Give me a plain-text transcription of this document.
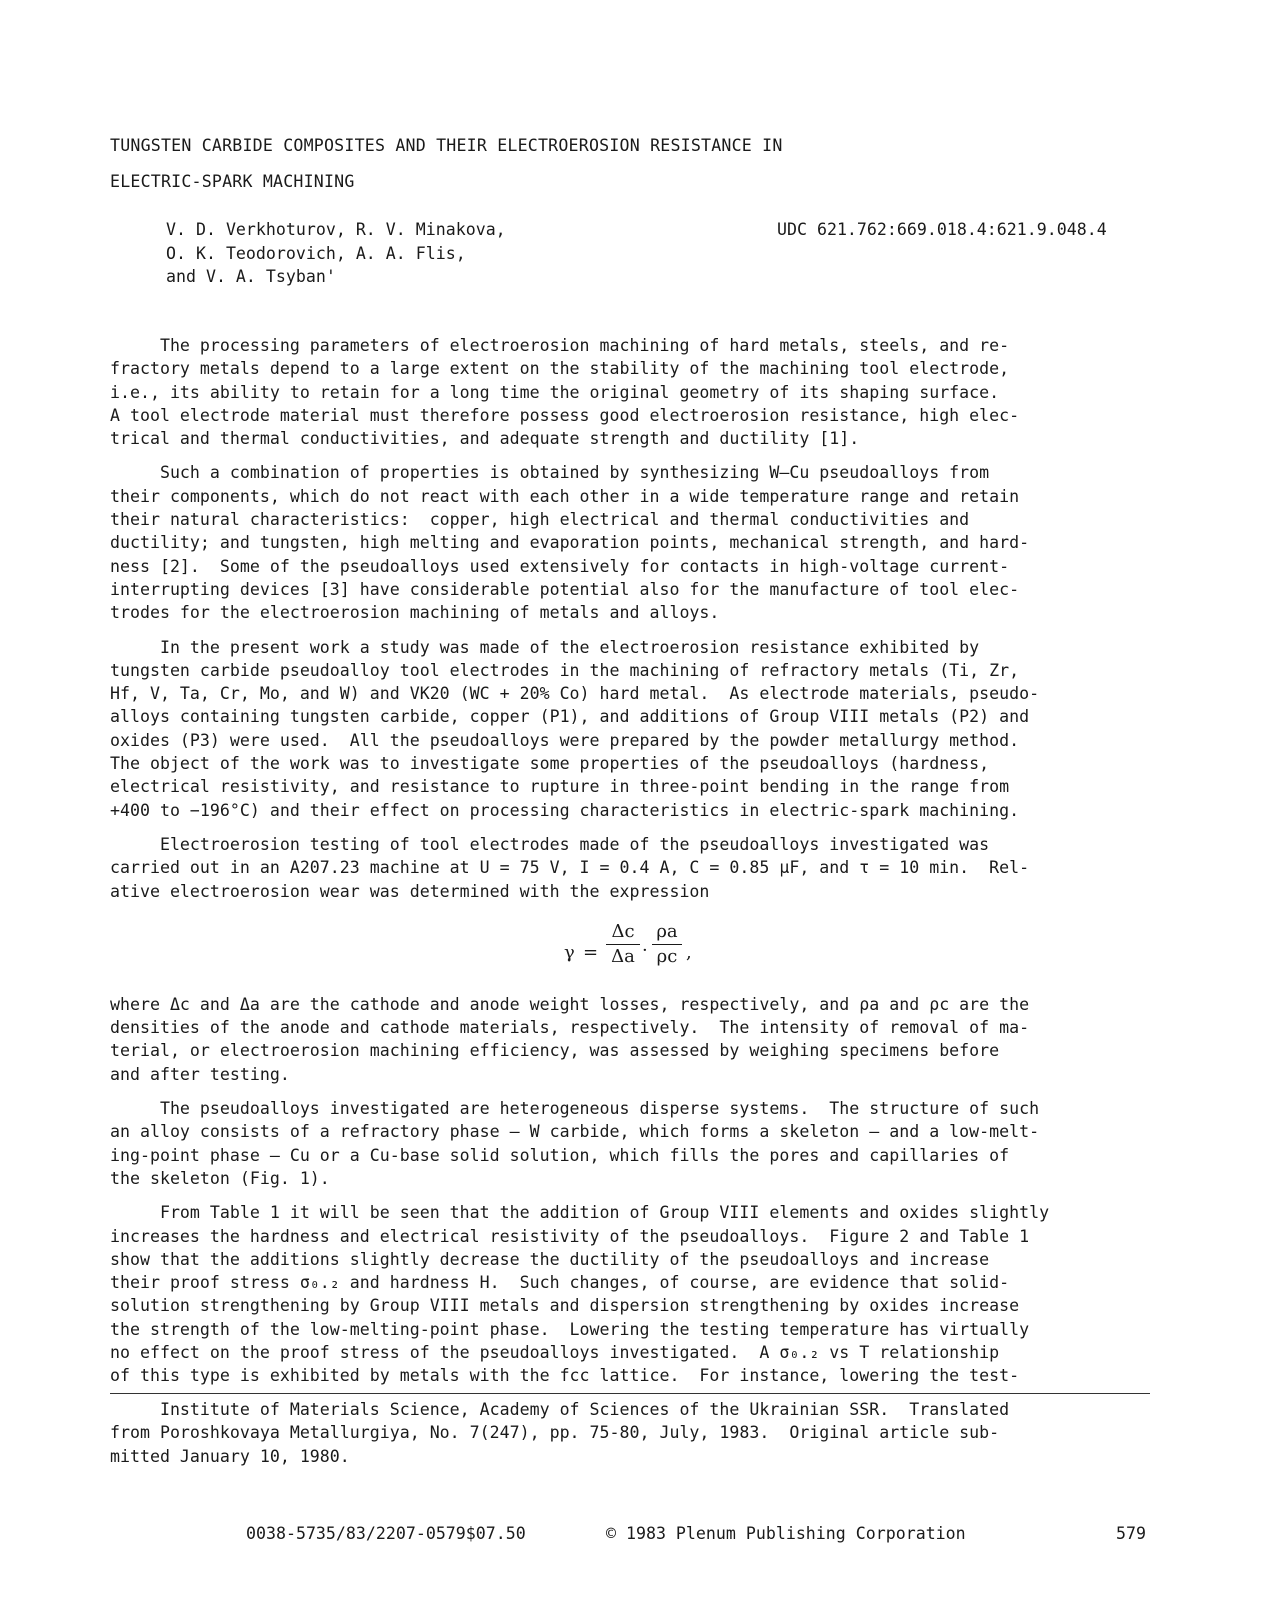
TUNGSTEN CARBIDE COMPOSITES AND THEIR ELECTROEROSION RESISTANCE IN
ELECTRIC-SPARK MACHINING
V. D. Verkhoturov, R. V. Minakova,
O. K. Teodorovich, A. A. Flis,
and V. A. Tsyban'
UDC 621.762:669.018.4:621.9.048.4
The processing parameters of electroerosion machining of hard metals, steels, and re-
fractory metals depend to a large extent on the stability of the machining tool electrode,
i.e., its ability to retain for a long time the original geometry of its shaping surface.
A tool electrode material must therefore possess good electroerosion resistance, high elec-
trical and thermal conductivities, and adequate strength and ductility [1].
Such a combination of properties is obtained by synthesizing W–Cu pseudoalloys from
their components, which do not react with each other in a wide temperature range and retain
their natural characteristics:  copper, high electrical and thermal conductivities and
ductility; and tungsten, high melting and evaporation points, mechanical strength, and hard-
ness [2].  Some of the pseudoalloys used extensively for contacts in high-voltage current-
interrupting devices [3] have considerable potential also for the manufacture of tool elec-
trodes for the electroerosion machining of metals and alloys.
In the present work a study was made of the electroerosion resistance exhibited by
tungsten carbide pseudoalloy tool electrodes in the machining of refractory metals (Ti, Zr,
Hf, V, Ta, Cr, Mo, and W) and VK20 (WC + 20% Co) hard metal.  As electrode materials, pseudo-
alloys containing tungsten carbide, copper (P1), and additions of Group VIII metals (P2) and
oxides (P3) were used.  All the pseudoalloys were prepared by the powder metallurgy method.
The object of the work was to investigate some properties of the pseudoalloys (hardness,
electrical resistivity, and resistance to rupture in three-point bending in the range from
+400 to −196°C) and their effect on processing characteristics in electric-spark machining.
Electroerosion testing of tool electrodes made of the pseudoalloys investigated was
carried out in an A207.23 machine at U = 75 V, I = 0.4 A, C = 0.85 μF, and τ = 10 min.  Rel-
ative electroerosion wear was determined with the expression
γ =
Δc
Δa ·
ρa
ρc ,
where Δc and Δa are the cathode and anode weight losses, respectively, and ρa and ρc are the
densities of the anode and cathode materials, respectively.  The intensity of removal of ma-
terial, or electroerosion machining efficiency, was assessed by weighing specimens before
and after testing.
The pseudoalloys investigated are heterogeneous disperse systems.  The structure of such
an alloy consists of a refractory phase — W carbide, which forms a skeleton — and a low-melt-
ing-point phase — Cu or a Cu-base solid solution, which fills the pores and capillaries of
the skeleton (Fig. 1).
From Table 1 it will be seen that the addition of Group VIII elements and oxides slightly
increases the hardness and electrical resistivity of the pseudoalloys.  Figure 2 and Table 1
show that the additions slightly decrease the ductility of the pseudoalloys and increase
their proof stress σ₀.₂ and hardness H.  Such changes, of course, are evidence that solid-
solution strengthening by Group VIII metals and dispersion strengthening by oxides increase
the strength of the low-melting-point phase.  Lowering the testing temperature has virtually
no effect on the proof stress of the pseudoalloys investigated.  A σ₀.₂ vs T relationship
of this type is exhibited by metals with the fcc lattice.  For instance, lowering the test-
Institute of Materials Science, Academy of Sciences of the Ukrainian SSR.  Translated
from Poroshkovaya Metallurgiya, No. 7(247), pp. 75-80, July, 1983.  Original article sub-
mitted January 10, 1980.
0038-5735/83/2207-0579$07.50	© 1983 Plenum Publishing Corporation	579
